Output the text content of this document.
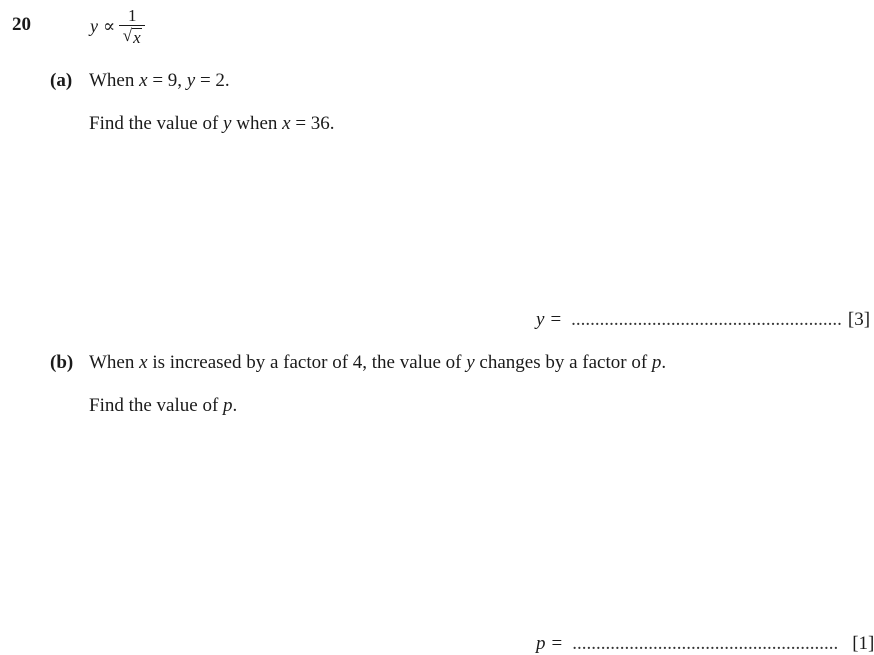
20	$y \propto \frac{1}{√ x}$
(a) When x = 9, y = 2.
Find the value of y when x = 36.
y = ......................................................... [3]
(b) When x is increased by a factor of 4, the value of y changes by a factor of p.
Find the value of p.
p = ........................................................ [1]
